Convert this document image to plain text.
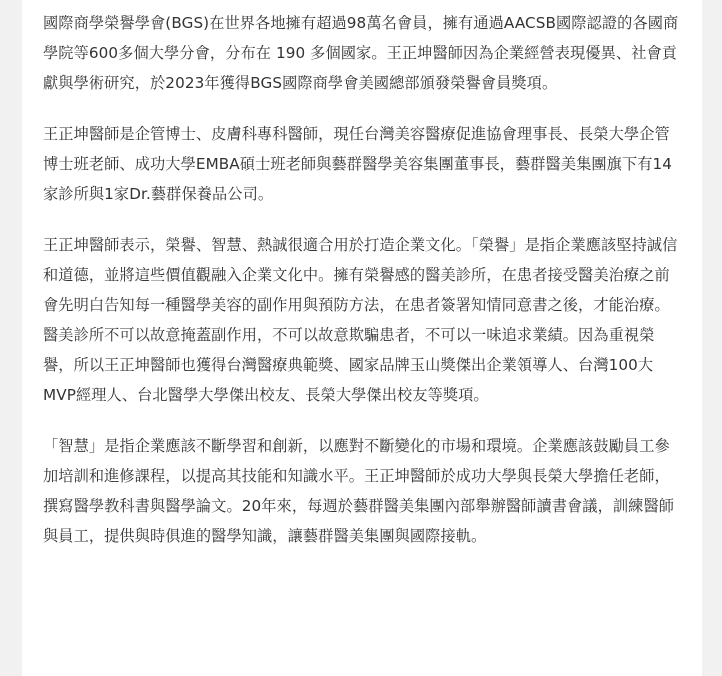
國際商學榮譽學會(BGS)在世界各地擁有超過98萬名會員，擁有通過AACSB國際認證的各國商學院等600多個大學分會，分布在 190 多個國家。王正坤醫師因為企業經營表現優異、社會貢獻與學術研究，於2023年獲得BGS國際商學會美國總部頒發榮譽會員獎項。

王正坤醫師是企管博士、皮膚科專科醫師，現任台灣美容醫療促進協會理事長、長榮大學企管博士班老師、成功大學EMBA碩士班老師與藝群醫學美容集團董事長，藝群醫美集團旗下有14家診所與1家Dr.藝群保養品公司。

王正坤醫師表示，榮譽、智慧、熱誠很適合用於打造企業文化。「榮譽」是指企業應該堅持誠信和道德，並將這些價值觀融入企業文化中。擁有榮譽感的醫美診所，在患者接受醫美治療之前會先明白告知每一種醫學美容的副作用與預防方法，在患者簽署知情同意書之後，才能治療。醫美診所不可以故意掩蓋副作用，不可以故意欺騙患者，不可以一味追求業績。因為重視榮譽，所以王正坤醫師也獲得台灣醫療典範獎、國家品牌玉山獎傑出企業領導人、台灣100大MVP經理人、台北醫學大學傑出校友、長榮大學傑出校友等獎項。

「智慧」是指企業應該不斷學習和創新，以應對不斷變化的市場和環境。企業應該鼓勵員工參加培訓和進修課程，以提高其技能和知識水平。王正坤醫師於成功大學與長榮大學擔任老師，撰寫醫學教科書與醫學論文。20年來，每週於藝群醫美集團內部舉辦醫師讀書會議，訓練醫師與員工，提供與時俱進的醫學知識，讓藝群醫美集團與國際接軌。
